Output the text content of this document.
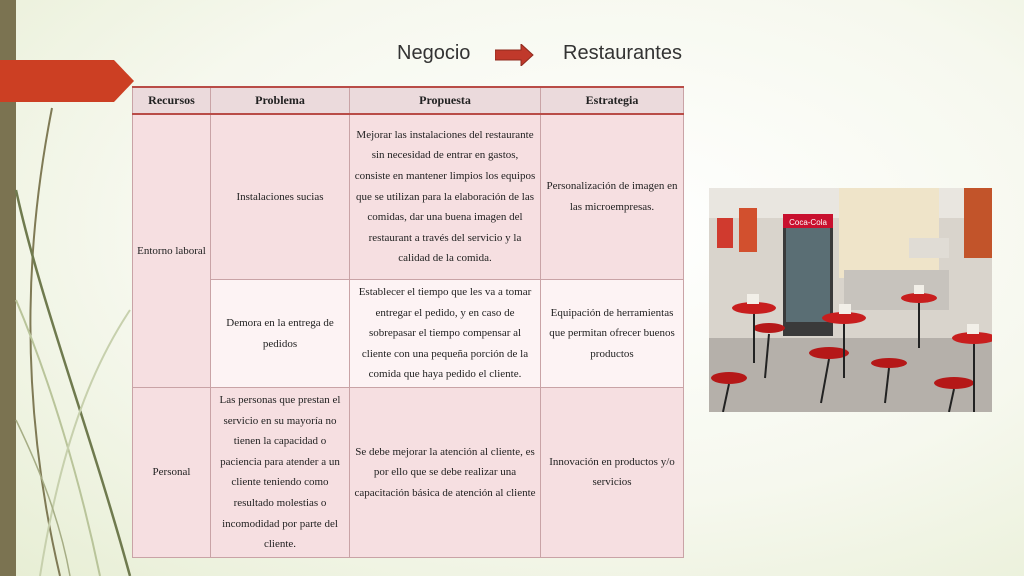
Negocio	Restaurantes
Recursos	Problema	Propuesta	Estrategia
Entorno laboral	Instalaciones sucias	Mejorar las instalaciones del restaurante sin necesidad de entrar en gastos, consiste en mantener limpios los equipos que se utilizan para la elaboración de las comidas, dar una buena imagen del restaurant a través del servicio y la calidad de la comida.	Personalización de imagen en las microempresas.
	Demora en la entrega de pedidos	Establecer el tiempo que les va a tomar entregar el pedido, y en caso de sobrepasar el tiempo compensar al cliente con una pequeña porción de la comida que haya pedido el cliente.	Equipación de herramientas que permitan ofrecer buenos productos
Personal	Las personas que prestan el servicio en su mayoría no tienen la capacidad o paciencia para atender a un cliente teniendo como resultado molestias o incomodidad por parte del cliente.	Se debe mejorar la atención al cliente, es por ello que se debe realizar una capacitación básica de atención al cliente	Innovación en productos y/o servicios
Coca-Cola
